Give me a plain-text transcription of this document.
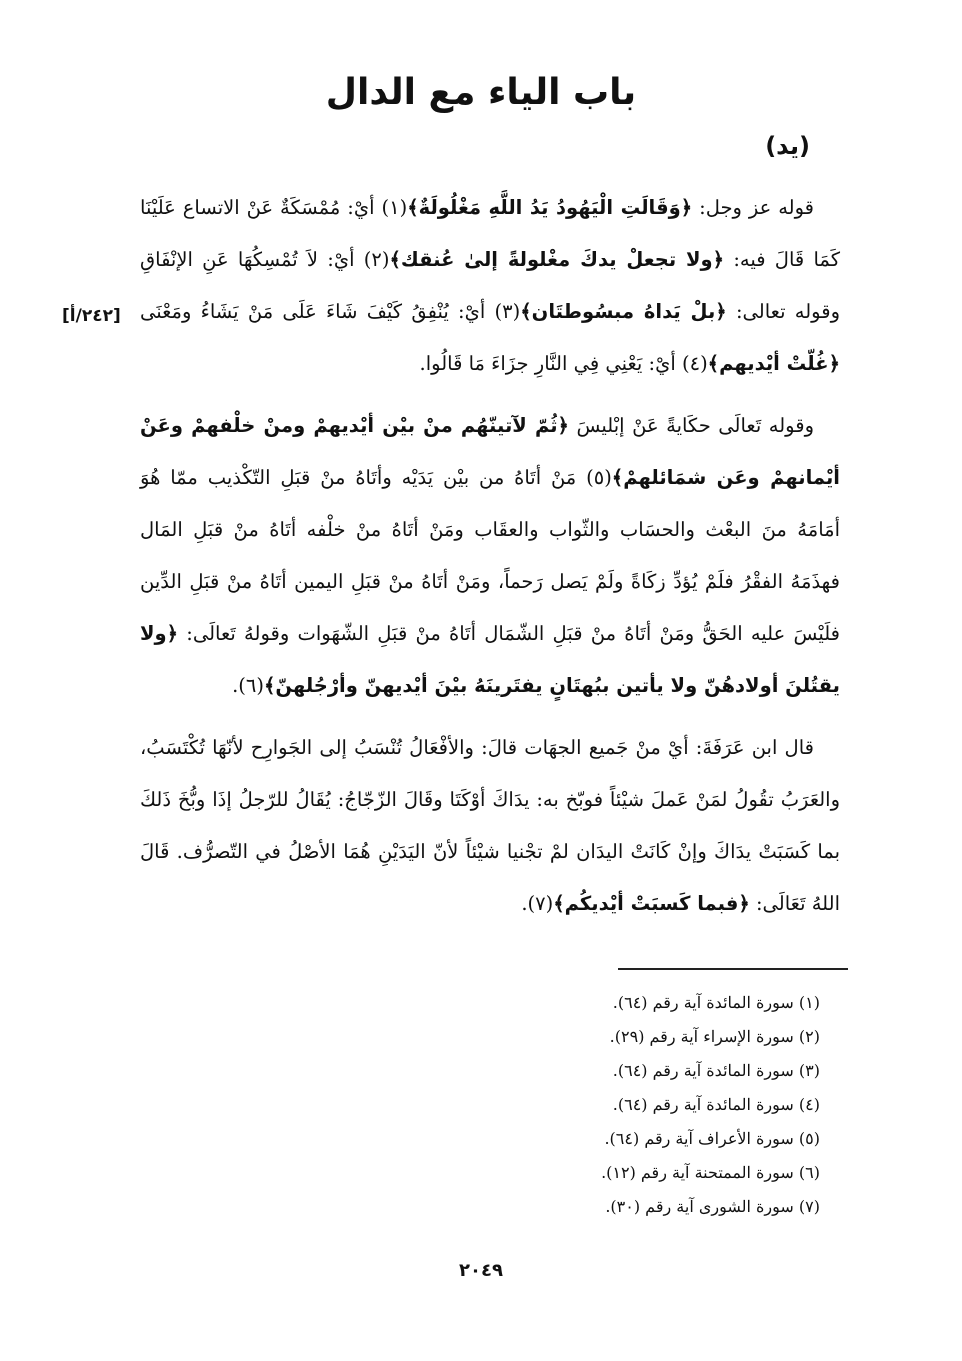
باب الياء مع الدال
(يد)
[٢٤٢/أ]

قوله عز وجل: ﴿وَقَالَتِ الْيَهُودُ يَدُ اللَّهِ مَغْلُولَةٌ﴾(١) أيْ: مُمْسَكَةٌ عَنْ الاتساع عَلَيْنَا كَمَا قَالَ فيه: ﴿ولا تجعلْ يدكَ مغْلولةً إلىٰ عُنقك﴾(٢) أيْ: لاَ تُمْسِكُهَا عَنِ الإنْفَاقِ وقوله تعالى: ﴿بلْ يَداهُ مبسُوطتَان﴾(٣) أيْ: يُنْفِقُ كَيْفَ شَاءَ عَلَى مَنْ يَشَاءُ ومَعْنَى ﴿غُلّتْ أيْديهم﴾(٤) أيْ: يَعْنِي فِي النَّارِ جزَاءَ مَا قَالُوا.

وقوله تَعالَى حكَايةً عَنْ إبْليسَ ﴿ثُمّ لآتينّهُم منْ بيْن أيْديهمْ ومنْ خلْفهمْ وعَنْ أيْمانهمْ وعَن شمَائلهمْ﴾(٥) مَنْ أتَاهُ من بيْن يَدَيْه وأتَاهُ منْ قبَلِ التّكْذيب ممّا هُوَ أمَامَهُ منَ البعْث والحسَاب والثّواب والعقَاب ومَنْ أتَاهُ منْ خلْفه أتَاهُ منْ قبَلِ المَال فهذَمَهُ الفقْرُ فلَمْ يُؤدِّ زكَاةً ولَمْ يَصل رَحماً، ومَنْ أتَاهُ منْ قبَلِ اليمين أتَاهُ منْ قبَلِ الدِّين فلَيْسَ عليه الحَقُّ ومَنْ أتَاهُ منْ قبَلِ الشّمَال أتَاهُ منْ قبَلِ الشّهَوات وقولهُ تَعالَى: ﴿ولا يقتُلنَ أولادهُنّ ولا يأتين ببُهتَانٍ يفتَرينَهُ بيْنَ أيْديهنّ وأرْجُلهنّ﴾(٦).

قال ابن عَرَفَةَ: أيْ منْ جَميع الجهَات قالَ: والأفْعَالُ تُنْسَبُ إلى الجَوارِح لأنّهَا تُكْتَسَبُ، والعَرَبُ تقُولُ لمَنْ عَملَ شيْئاً فوبّخ به: يدَاكَ أوْكَتَا وقَالَ الزّجّاجُ: يُقَالُ للرّجلُ إذَا وبُّخَ ذَلكَ بما كَسَبَتْ يدَاكَ وإنْ كَانَتْ اليدَان لمْ تجْنيا شيْئاً لأنّ اليَدَيْنِ هُمَا الأصْلُ في التّصرُّف. قَالَ اللهُ تَعَالَى: ﴿فبما كَسبَتْ أيْديكُم﴾(٧).

(١) سورة المائدة آية رقم (٦٤).
(٢) سورة الإسراء آية رقم (٢٩).
(٣) سورة المائدة آية رقم (٦٤).
(٤) سورة المائدة آية رقم (٦٤).
(٥) سورة الأعراف آية رقم (٦٤).
(٦) سورة الممتحنة آية رقم (١٢).
(٧) سورة الشورى آية رقم (٣٠).
٢٠٤٩
